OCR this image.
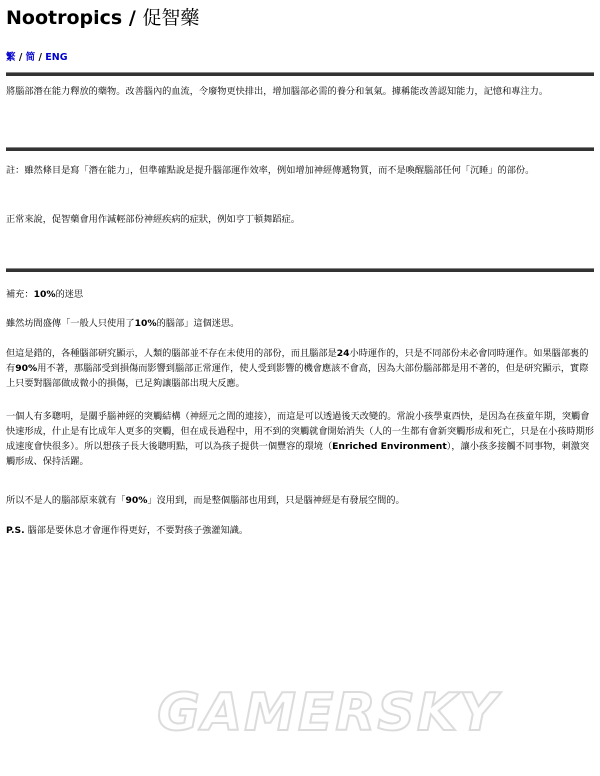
Nootropics / 促智藥
繁 / 简 / ENG

將腦部潛在能力釋放的藥物。改善腦內的血流，令廢物更快排出，增加腦部必需的養分和氧氣。據稱能改善認知能力，記憶和專注力。

註：雖然條目是寫「潛在能力」，但準確點說是提升腦部運作效率，例如增加神經傳遞物質，而不是喚醒腦部任何「沉睡」的部份。

正常來說，促智藥會用作減輕部份神經疾病的症狀，例如亨丁頓舞蹈症。

補充：10%的迷思

雖然坊間盛傳「一般人只使用了10%的腦部」這個迷思。

但這是錯的，各種腦部研究顯示，人類的腦部並不存在未使用的部份，而且腦部是24小時運作的，只是不同部份未必會同時運作。如果腦部裏的有90%用不著，那腦部受到損傷而影響到腦部正常運作，使人受到影響的機會應該不會高，因為大部份腦部都是用不著的，但是研究顯示，實際上只要對腦部做成微小的損傷，已足夠讓腦部出現大反應。

一個人有多聰明，是關乎腦神經的突觸結構（神經元之間的連接），而這是可以透過後天改變的。常說小孩學東西快，是因為在孩童年期，突觸會快速形成，什止是有比成年人更多的突觸，但在成長過程中，用不到的突觸就會開始消失（人的一生都有會新突觸形成和死亡，只是在小孩時期形成速度會快很多）。所以想孩子長大後聰明點，可以為孩子提供一個豐容的環境（Enriched Environment），讓小孩多接觸不同事物，刺激突觸形成、保持活躍。

所以不是人的腦部原來就有「90%」沒用到，而是整個腦部也用到，只是腦神經是有發展空間的。

P.S. 腦部是要休息才會運作得更好，不要對孩子強灌知識。

GAMERSKY
